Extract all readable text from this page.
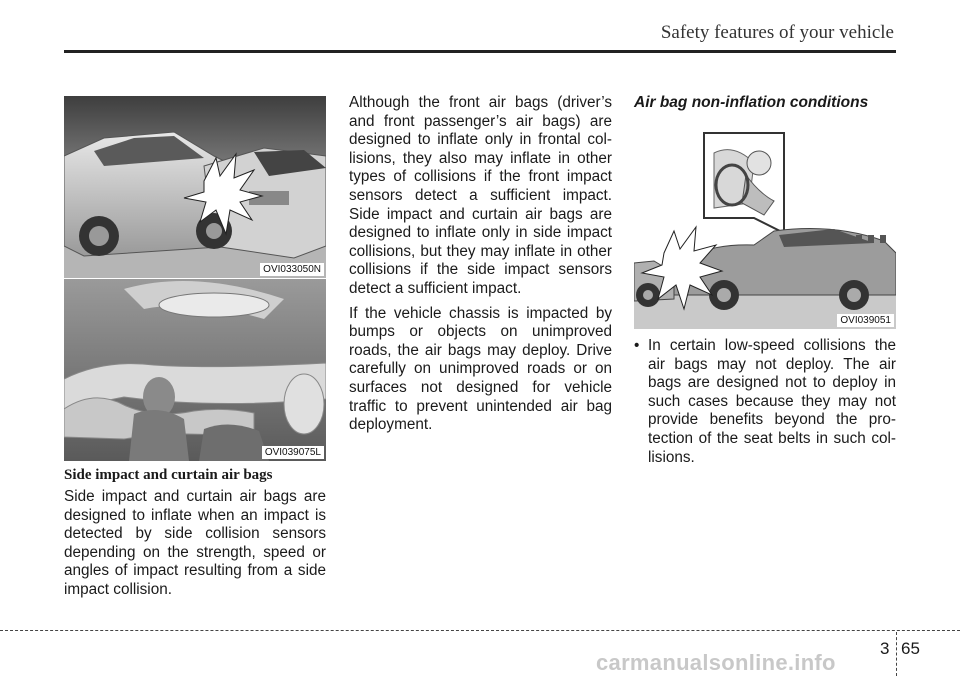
Safety features of your vehicle
OVI033050N
OVI039075L
Side impact and curtain air bags

Side impact and curtain air bags are designed to inflate when an impact is detected by side collision sensors depending on the strength, speed or angles of impact resulting from a side impact collision.

Although the front air bags (driver’s and front passenger’s air bags) are designed to inflate only in frontal col-lisions, they also may inflate in other types of collisions if the front impact sensors detect a sufficient impact. Side impact and curtain air bags are designed to inflate only in side impact collisions, but they may inflate in other collisions if the side impact sensors detect a sufficient impact.

If the vehicle chassis is impacted by bumps or objects on unimproved roads, the air bags may deploy. Drive carefully on unimproved roads or on surfaces not designed for vehicle traffic to prevent unintended air bag deployment.

Air bag non-inflation conditions
OVI039051
• In certain low-speed collisions the air bags may not deploy. The air bags are designed not to deploy in such cases because they may not provide benefits beyond the pro-tection of the seat belts in such col-lisions.
3 65
carmanualsonline.info
